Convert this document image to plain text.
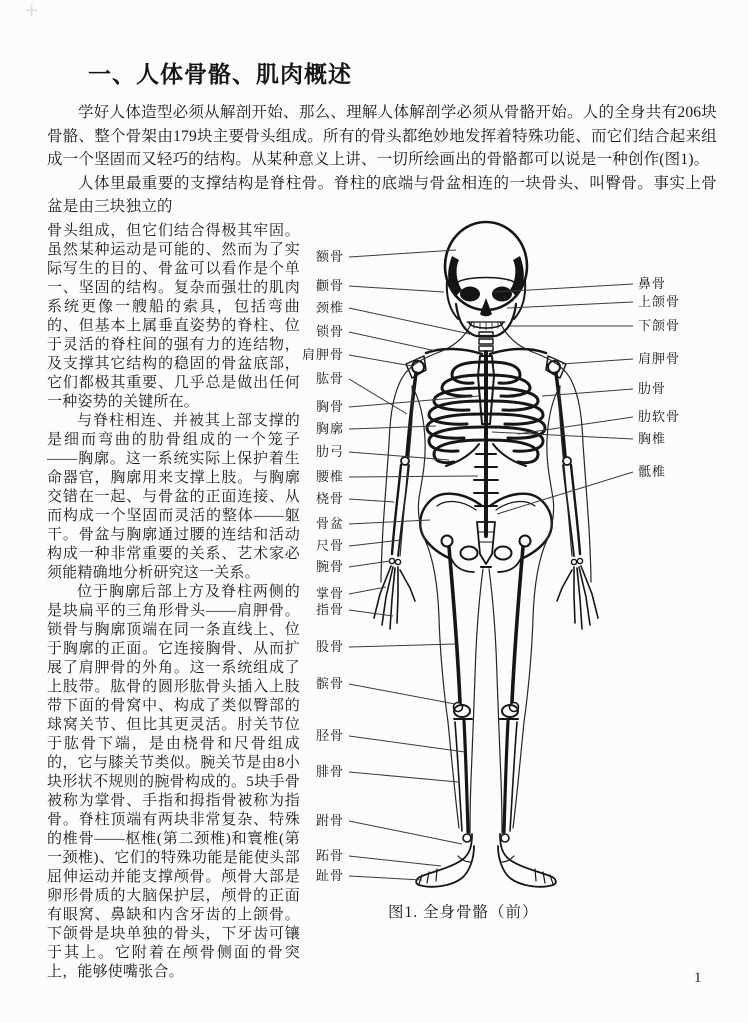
+
一、人体骨骼、肌肉概述

学好人体造型必须从解剖开始、那么、理解人体解剖学必须从骨骼开始。人的全身共有206块骨骼、整个骨架由179块主要骨头组成。所有的骨头都绝妙地发挥着特殊功能、而它们结合起来组成一个坚固而又轻巧的结构。从某种意义上讲、一切所绘画出的骨骼都可以说是一种创作(图1)。

人体里最重要的支撑结构是脊柱骨。脊柱的底端与骨盆相连的一块骨头、叫臀骨。事实上骨盆是由三块独立的

骨头组成，但它们结合得极其牢固。虽然某种运动是可能的、然而为了实际写生的目的、骨盆可以看作是个单一、坚固的结构。复杂而强壮的肌肉系统更像一艘船的索具，包括弯曲的、但基本上属垂直姿势的脊柱、位于灵活的脊柱间的强有力的连结物，及支撑其它结构的稳固的骨盆底部，它们都极其重要、几乎总是做出任何一种姿势的关键所在。

与脊柱相连、并被其上部支撑的是细而弯曲的肋骨组成的一个笼子——胸廓。这一系统实际上保护着生命器官，胸廓用来支撑上肢。与胸廓交错在一起、与骨盆的正面连接、从而构成一个坚固而灵活的整体——躯干。骨盆与胸廓通过腰的连结和活动构成一种非常重要的关系、艺术家必须能精确地分析研究这一关系。

位于胸廓后部上方及脊柱两侧的是块扁平的三角形骨头——肩胛骨。锁骨与胸廓顶端在同一条直线上、位于胸廓的正面。它连接胸骨、从而扩展了肩胛骨的外角。这一系统组成了上肢带。肱骨的圆形肱骨头插入上肢带下面的骨窝中、构成了类似臀部的球窝关节、但比其更灵活。肘关节位于肱骨下端，是由桡骨和尺骨组成的，它与膝关节类似。腕关节是由8小块形状不规则的腕骨构成的。5块手骨被称为掌骨、手指和拇指骨被称为指骨。脊柱顶端有两块非常复杂、特殊的椎骨——枢椎(第二颈椎)和寰椎(第一颈椎)、它们的特殊功能是能使头部屈伸运动并能支撑颅骨。颅骨大部是卵形骨质的大脑保护层，颅骨的正面有眼窝、鼻缺和内含牙齿的上颌骨。下颌骨是块单独的骨头，下牙齿可镶于其上。它附着在颅骨侧面的骨突上，能够使嘴张合。

额骨
颧骨
颈椎
锁骨
肩胛骨
肱骨
胸骨
胸廓
肋弓
腰椎
桡骨
骨盆
尺骨
腕骨
掌骨
指骨
股骨
髌骨
胫骨
腓骨
跗骨
跖骨
趾骨
鼻骨
上颌骨
下颌骨
肩胛骨
肋骨
肋软骨
胸椎
骶椎
图1. 全身骨骼（前）
1
